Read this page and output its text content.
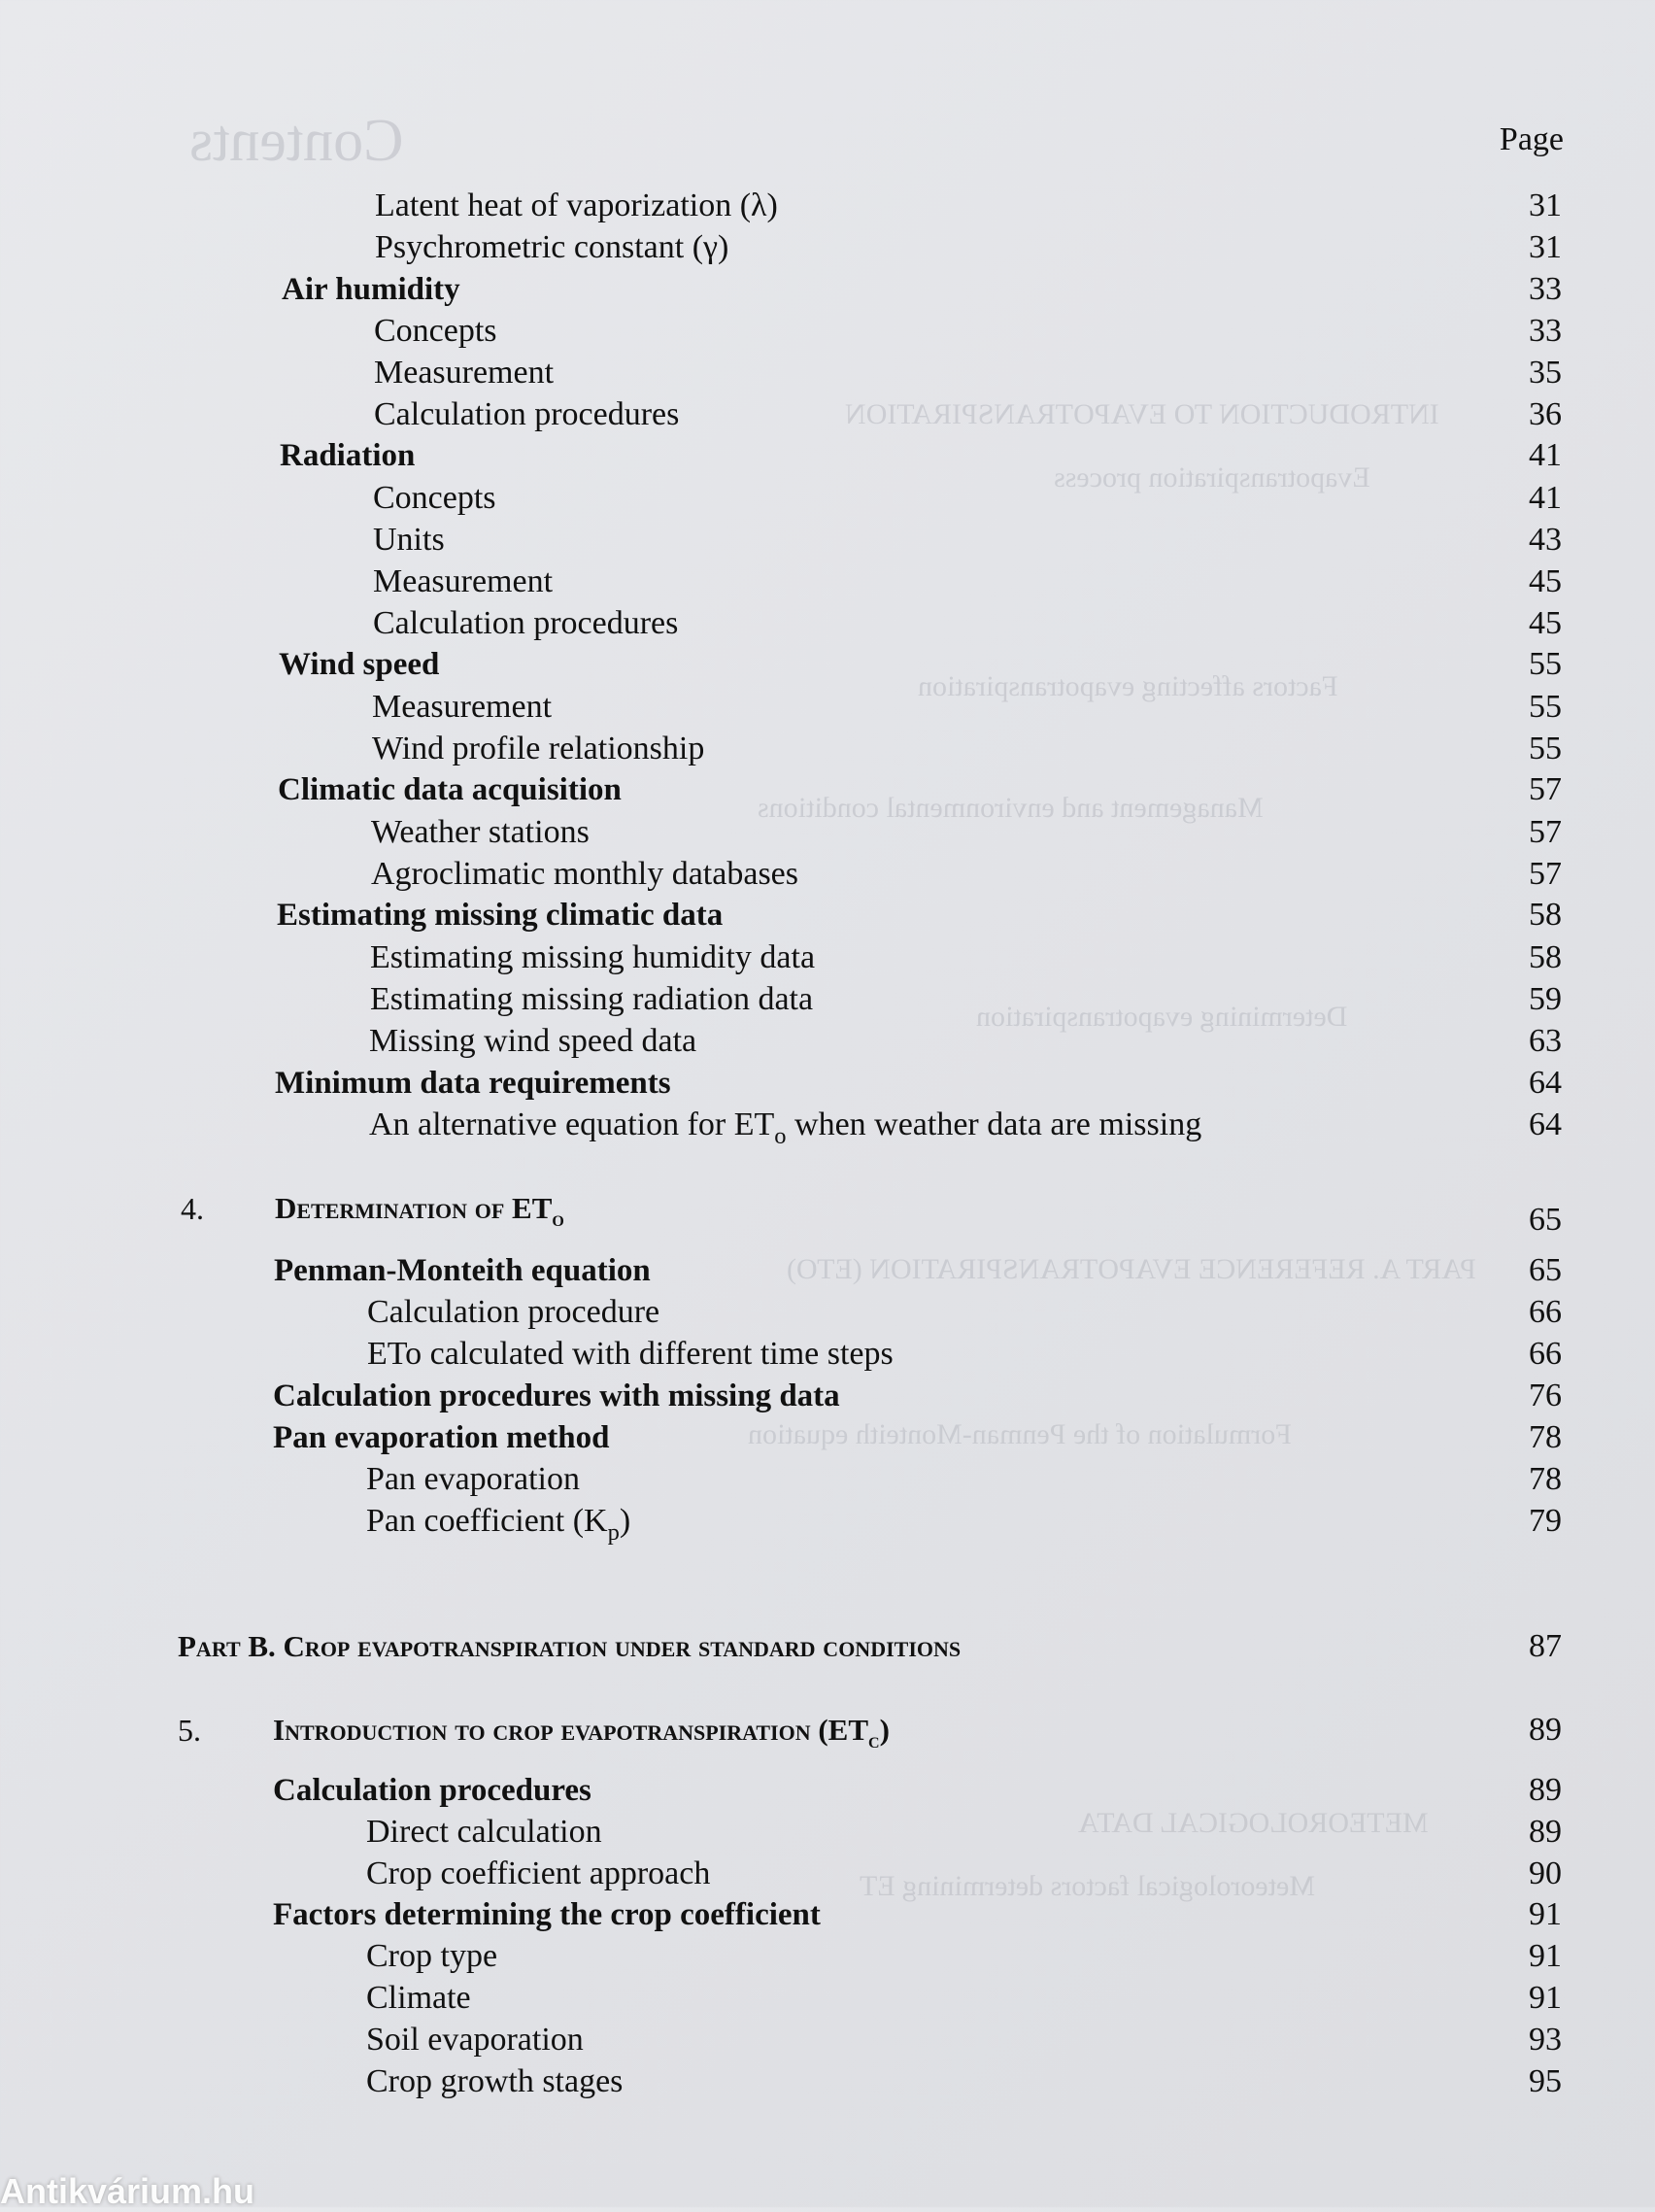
Contents
INTRODUCTION TO EVAPOTRANSPIRATION
Evapotranspiration process
Factors affecting evapotranspiration
Management and environmental conditions
Determining evapotranspiration
PART A. REFERENCE EVAPOTRANSPIRATION (ETO)
Formulation of the Penman-Monteith equation
METEOROLOGICAL DATA
Meteorological factors determining ET
Page
Latent heat of vaporization (λ)	31
Psychrometric constant (γ)	31
Air humidity	33
Concepts	33
Measurement	35
Calculation procedures	36
Radiation	41
Concepts	41
Units	43
Measurement	45
Calculation procedures	45
Wind speed	55
Measurement	55
Wind profile relationship	55
Climatic data acquisition	57
Weather stations	57
Agroclimatic monthly databases	57
Estimating missing climatic data	58
Estimating missing humidity data	58
Estimating missing radiation data	59
Missing wind speed data	63
Minimum data requirements	64
An alternative equation for $ET_o$ when weather data are missing	64
4. Determination of $ET_o$	65
Penman-Monteith equation	65
Calculation procedure	66
ETo calculated with different time steps	66
Calculation procedures with missing data	76
Pan evaporation method	78
Pan evaporation	78
Pan coefficient $(K_p)$	79
Part B. Crop evapotranspiration under standard conditions	87
5. Introduction to crop evapotranspiration $(ET_c)$	89
Calculation procedures	89
Direct calculation	89
Crop coefficient approach	90
Factors determining the crop coefficient	91
Crop type	91
Climate	91
Soil evaporation	93
Crop growth stages	95
Antikvárium.hu
